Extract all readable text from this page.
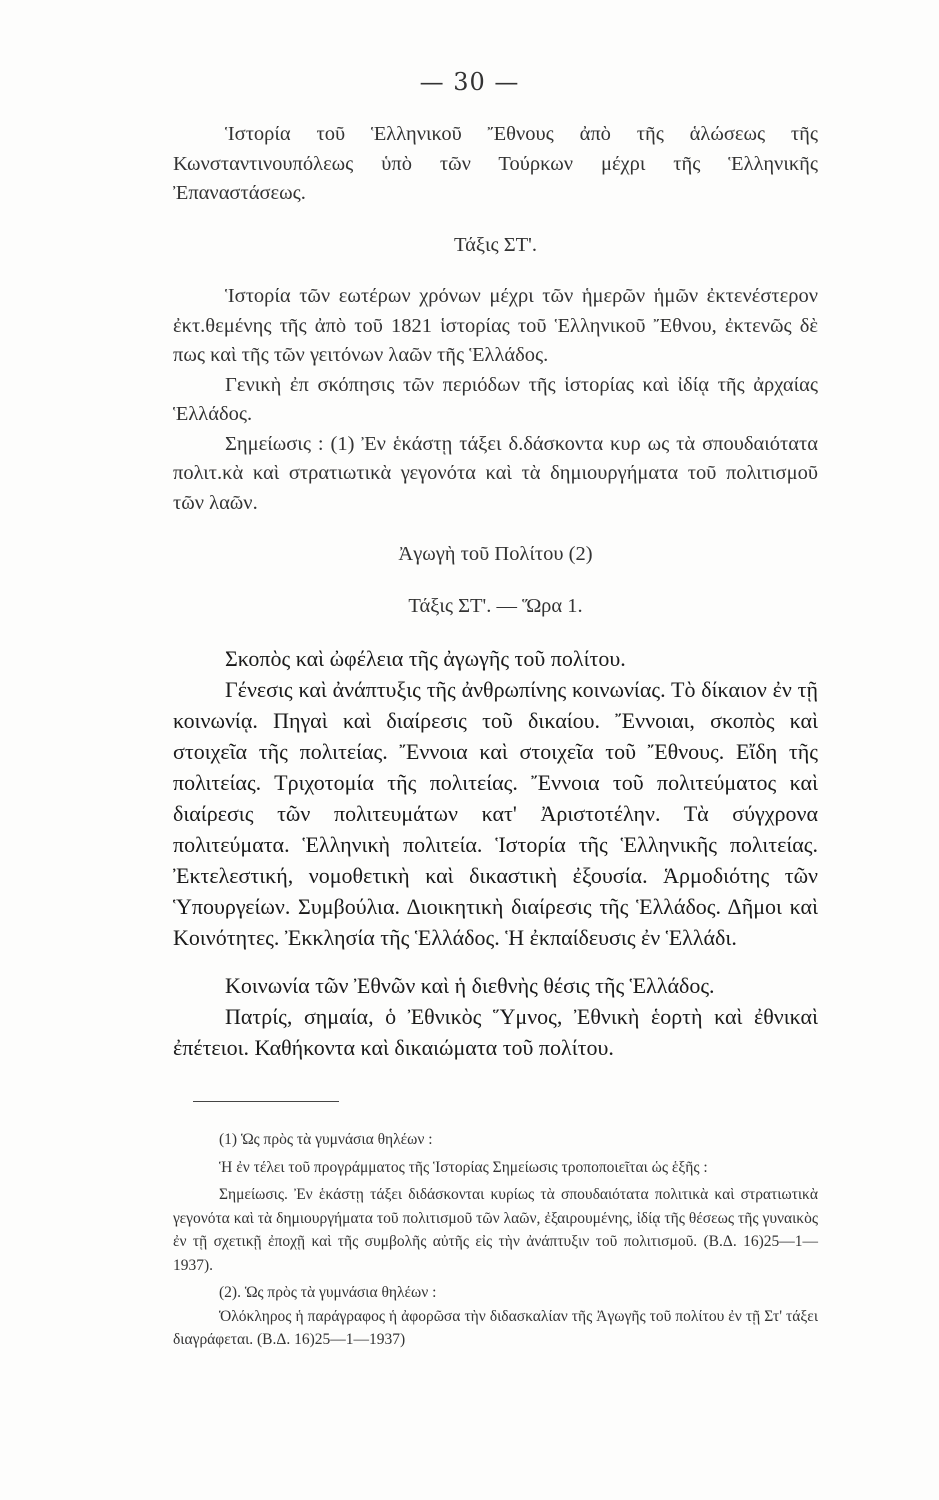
— 30 —

Ἱστορία τοῦ Ἑλληνικοῦ Ἔθνους ἀπὸ τῆς ἁλώσεως τῆς Κωνσταντινουπόλεως ὑπὸ τῶν Τούρκων μέχρι τῆς Ἑλληνικῆς Ἐπαναστάσεως.

Τάξις ΣΤ'.

Ἱστορία τῶν εωτέρων χρόνων μέχρι τῶν ἡμερῶν ἡμῶν ἐκτενέστερον ἐκτ.θεμένης τῆς ἀπὸ τοῦ 1821 ἱστορίας τοῦ Ἑλληνικοῦ Ἔθνου, ἐκτενῶς δὲ πως καὶ τῆς τῶν γειτόνων λαῶν τῆς Ἑλλάδος.

Γενικὴ ἐπ σκόπησις τῶν περιόδων τῆς ἱστορίας καὶ ἰδίᾳ τῆς ἀρχαίας Ἑλλάδος.

Σημείωσις : (1) Ἐν ἑκάστῃ τάξει δ.δάσκοντα κυρ ως τὰ σπουδαιότατα πολιτ.κὰ καὶ στρατιωτικὰ γεγονότα καὶ τὰ δημιουργήματα τοῦ πολιτισμοῦ τῶν λαῶν.

Ἀγωγὴ τοῦ Πολίτου (2)

Τάξις ΣΤ'. — Ὥρα 1.

Σκοπὸς καὶ ὠφέλεια τῆς ἀγωγῆς τοῦ πολίτου.

Γένεσις καὶ ἀνάπτυξις τῆς ἀνθρωπίνης κοινωνίας. Τὸ δίκαιον ἐν τῇ κοινωνίᾳ. Πηγαὶ καὶ διαίρεσις τοῦ δικαίου. Ἔννοιαι, σκοπὸς καὶ στοιχεῖα τῆς πολιτείας. Ἔννοια καὶ στοιχεῖα τοῦ Ἔθνους. Εἴδη τῆς πολιτείας. Τριχοτομία τῆς πολιτείας. Ἔννοια τοῦ πολιτεύματος καὶ διαίρεσις τῶν πολιτευμάτων κατ' Ἀριστοτέλην. Τὰ σύγχρονα πολιτεύματα. Ἑλληνικὴ πολιτεία. Ἱστορία τῆς Ἑλληνικῆς πολιτείας. Ἐκτελεστική, νομοθετικὴ καὶ δικαστικὴ ἐξουσία. Ἁρμοδιότης τῶν Ὑπουργείων. Συμβούλια. Διοικητικὴ διαίρεσις τῆς Ἑλλάδος. Δῆμοι καὶ Κοινότητες. Ἐκκλησία τῆς Ἑλλάδος. Ἡ ἐκπαίδευσις ἐν Ἑλλάδι.

Κοινωνία τῶν Ἐθνῶν καὶ ἡ διεθνὴς θέσις τῆς Ἑλλάδος.

Πατρίς, σημαία, ὁ Ἐθνικὸς Ὕμνος, Ἐθνικὴ ἑορτὴ καὶ ἐθνικαὶ ἐπέτειοι. Καθήκοντα καὶ δικαιώματα τοῦ πολίτου.

(1) Ὡς πρὸς τὰ γυμνάσια θηλέων :

Ἡ ἐν τέλει τοῦ προγράμματος τῆς Ἱστορίας Σημείωσις τροποποιεῖται ὡς ἑξῆς :

Σημείωσις. Ἐν ἑκάστῃ τάξει διδάσκονται κυρίως τὰ σπουδαιότατα πολιτικὰ καὶ στρατιωτικὰ γεγονότα καὶ τὰ δημιουργήματα τοῦ πολιτισμοῦ τῶν λαῶν, ἐξαιρουμένης, ἰδίᾳ τῆς θέσεως τῆς γυναικὸς ἐν τῇ σχετικῇ ἐποχῇ καὶ τῆς συμβολῆς αὐτῆς εἰς τὴν ἀνάπτυξιν τοῦ πολιτισμοῦ. (Β.Δ. 16)25—1—1937).

(2). Ὡς πρὸς τὰ γυμνάσια θηλέων :

Ὁλόκληρος ἡ παράγραφος ἡ ἀφορῶσα τὴν διδασκαλίαν τῆς Ἀγωγῆς τοῦ πολίτου ἐν τῇ Στ' τάξει διαγράφεται. (Β.Δ. 16)25—1—1937)
